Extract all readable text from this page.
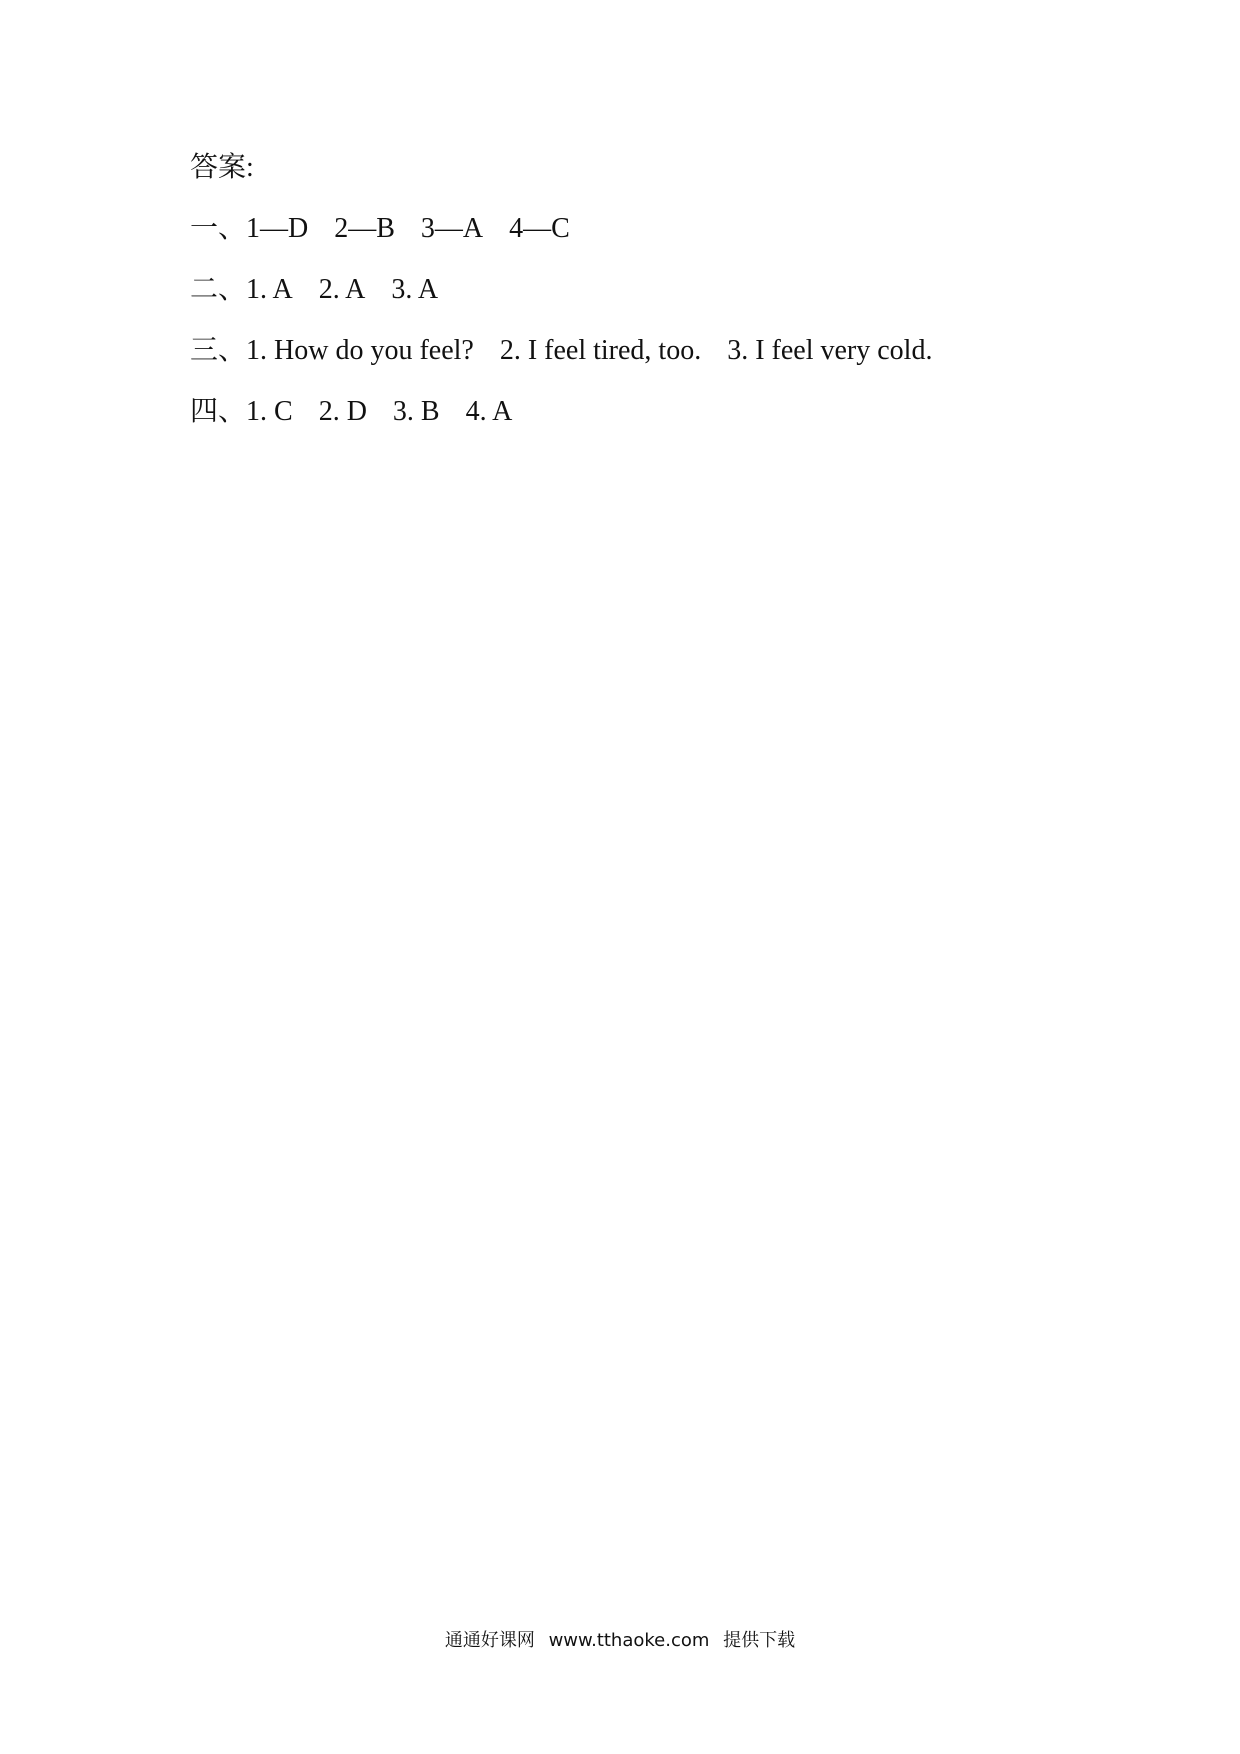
答案:
一、 1—D 2—B 3—A 4—C
二、 1. A 2. A 3. A
三、 1. How do you feel? 2. I feel tired, too. 3. I feel very cold.
四、 1. C 2. D 3. B 4. A
通通好课网 www.tthaoke.com 提供下载
